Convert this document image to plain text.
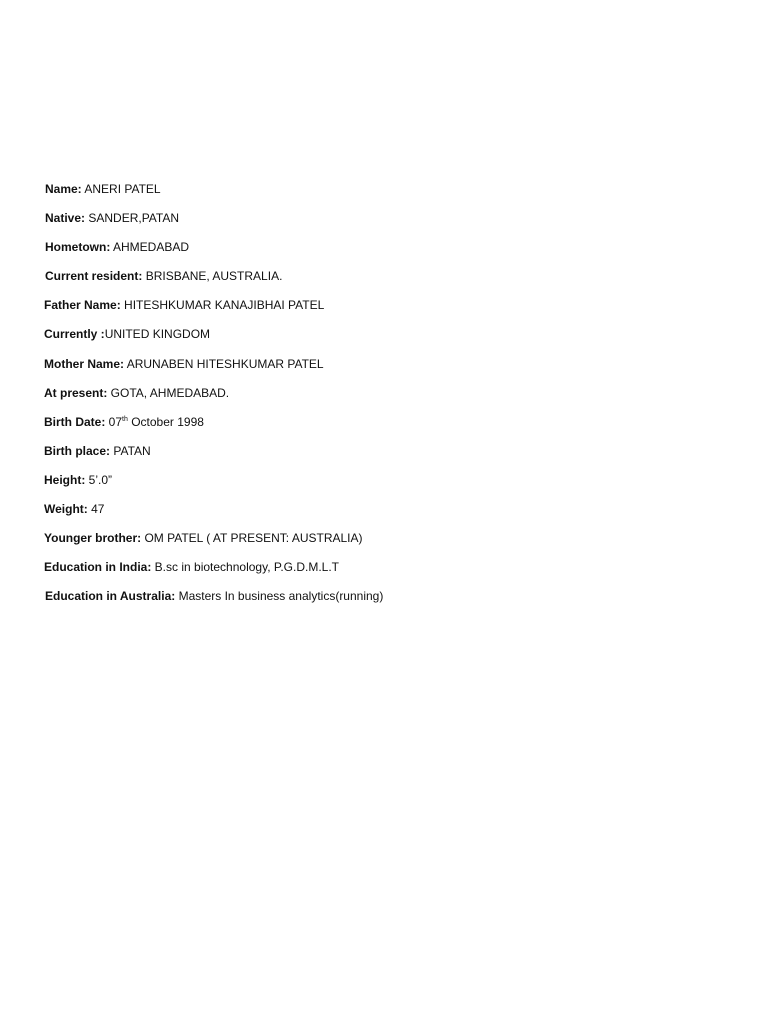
Name: ANERI PATEL
Native: SANDER,PATAN
Hometown: AHMEDABAD
Current resident: BRISBANE, AUSTRALIA.
Father Name: HITESHKUMAR KANAJIBHAI PATEL
Currently :UNITED KINGDOM
Mother Name: ARUNABEN HITESHKUMAR PATEL
At present: GOTA, AHMEDABAD.
Birth Date: 07th October 1998
Birth place: PATAN
Height: 5’.0”
Weight: 47
Younger brother: OM PATEL ( AT PRESENT: AUSTRALIA)
Education in India: B.sc in biotechnology, P.G.D.M.L.T
Education in Australia: Masters In business analytics(running)
